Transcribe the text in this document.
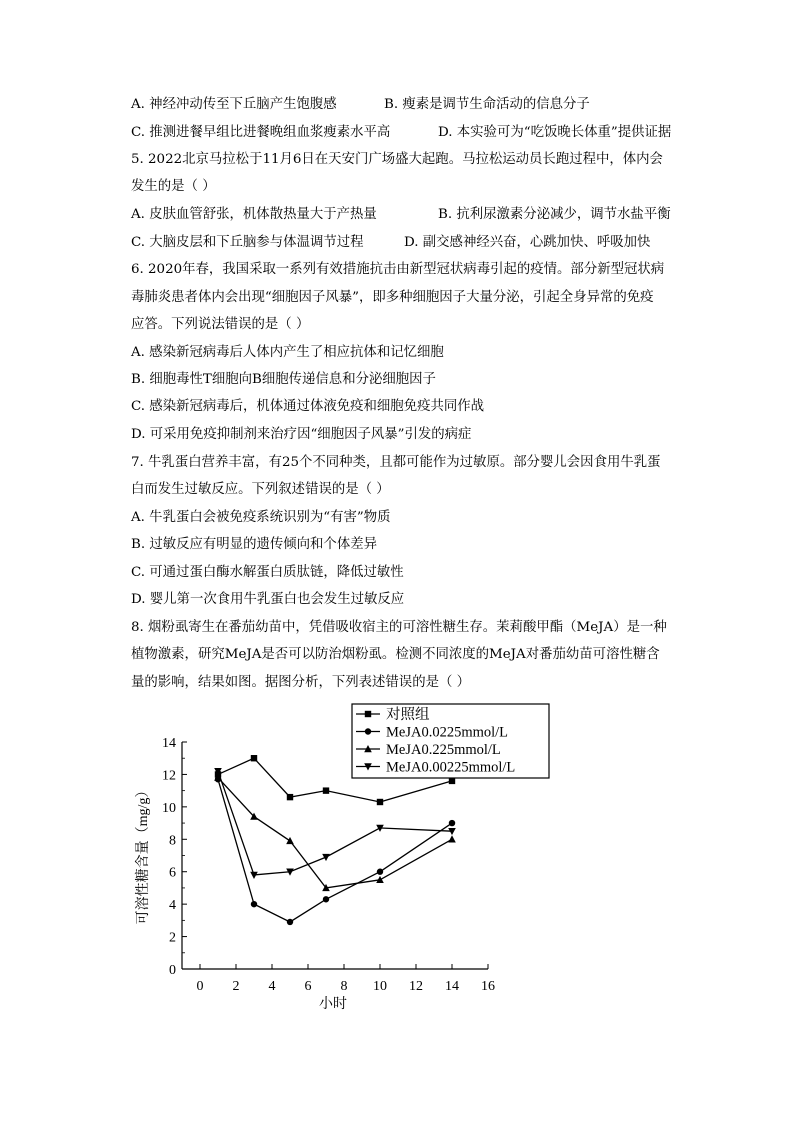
A. 神经冲动传至下丘脑产生饱腹感	B. 瘦素是调节生命活动的信息分子
C. 推测进餐早组比进餐晚组血浆瘦素水平高	D. 本实验可为“吃饭晚长体重”提供证据
5. 2022北京马拉松于11月6日在天安门广场盛大起跑。马拉松运动员长跑过程中，体内会
发生的是（ ）
A. 皮肤血管舒张，机体散热量大于产热量	B. 抗利尿激素分泌减少，调节水盐平衡
C. 大脑皮层和下丘脑参与体温调节过程	D. 副交感神经兴奋，心跳加快、呼吸加快
6. 2020年春，我国采取一系列有效措施抗击由新型冠状病毒引起的疫情。部分新型冠状病
毒肺炎患者体内会出现“细胞因子风暴”，即多种细胞因子大量分泌，引起全身异常的免疫
应答。下列说法错误的是（ ）
A. 感染新冠病毒后人体内产生了相应抗体和记忆细胞
B. 细胞毒性T细胞向B细胞传递信息和分泌细胞因子
C. 感染新冠病毒后，机体通过体液免疫和细胞免疫共同作战
D. 可采用免疫抑制剂来治疗因“细胞因子风暴”引发的病症
7. 牛乳蛋白营养丰富，有25个不同种类，且都可能作为过敏原。部分婴儿会因食用牛乳蛋
白而发生过敏反应。下列叙述错误的是（ ）
A. 牛乳蛋白会被免疫系统识别为“有害”物质
B. 过敏反应有明显的遗传倾向和个体差异
C. 可通过蛋白酶水解蛋白质肽链，降低过敏性
D. 婴儿第一次食用牛乳蛋白也会发生过敏反应
8. 烟粉虱寄生在番茄幼苗中，凭借吸收宿主的可溶性糖生存。茉莉酸甲酯（MeJA）是一种
植物激素，研究MeJA是否可以防治烟粉虱。检测不同浓度的MeJA对番茄幼苗可溶性糖含
量的影响，结果如图。据图分析，下列表述错误的是（ ）
0
2
4
6
8
10
12
14
0 2 4 6 8 10 12 14 16
对照组
MeJA0.0225mmol/L
MeJA0.225mmol/L
MeJA0.00225mmol/L
可溶性糖含量（mg/g）
小时
